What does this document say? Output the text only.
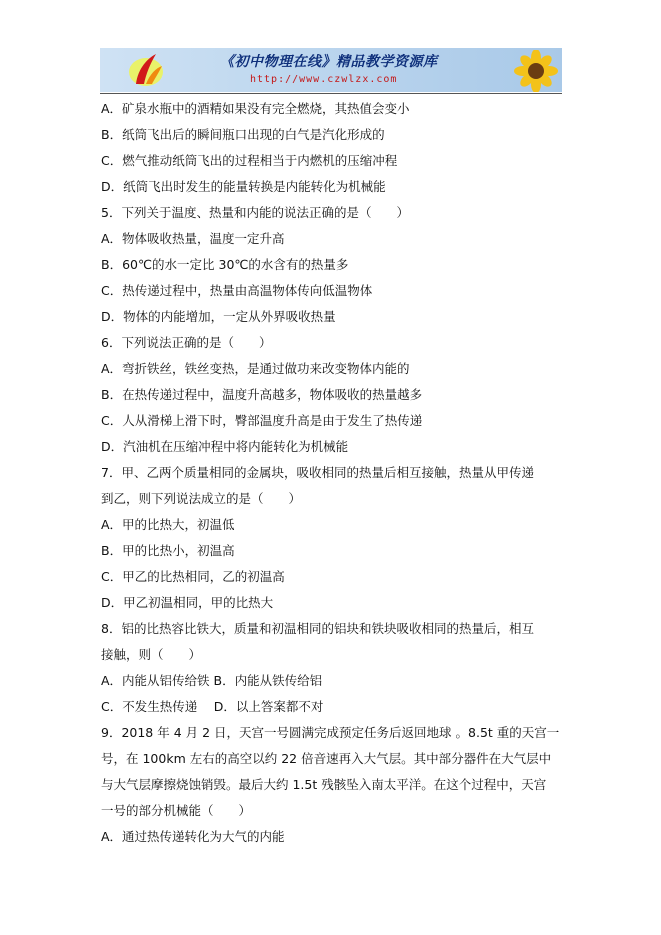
《初中物理在线》精品教学资源库
http://www.czwlzx.com
A．矿泉水瓶中的酒精如果没有完全燃烧，其热值会变小
B．纸筒飞出后的瞬间瓶口出现的白气是汽化形成的
C．燃气推动纸筒飞出的过程相当于内燃机的压缩冲程
D．纸筒飞出时发生的能量转换是内能转化为机械能
5．下列关于温度、热量和内能的说法正确的是（　　）
A．物体吸收热量，温度一定升高
B．60℃的水一定比 30℃的水含有的热量多
C．热传递过程中，热量由高温物体传向低温物体
D．物体的内能增加，一定从外界吸收热量
6．下列说法正确的是（　　）
A．弯折铁丝，铁丝变热，是通过做功来改变物体内能的
B．在热传递过程中，温度升高越多，物体吸收的热量越多
C．人从滑梯上滑下时，臀部温度升高是由于发生了热传递
D．汽油机在压缩冲程中将内能转化为机械能
7．甲、乙两个质量相同的金属块，吸收相同的热量后相互接触，热量从甲传递
到乙，则下列说法成立的是（　　）
A．甲的比热大，初温低
B．甲的比热小，初温高
C．甲乙的比热相同，乙的初温高
D．甲乙初温相同，甲的比热大
8．铝的比热容比铁大，质量和初温相同的铝块和铁块吸收相同的热量后，相互
接触，则（　　）
A．内能从铝传给铁 B．内能从铁传给铝
C．不发生热传递　 D．以上答案都不对
9．2018 年 4 月 2 日，天宫一号圆满完成预定任务后返回地球 。8.5t 重的天宫一
号，在 100km 左右的高空以约 22 倍音速再入大气层。其中部分器件在大气层中
与大气层摩擦烧蚀销毁。最后大约 1.5t 残骸坠入南太平洋。在这个过程中，天宫
一号的部分机械能（　　）
A．通过热传递转化为大气的内能
